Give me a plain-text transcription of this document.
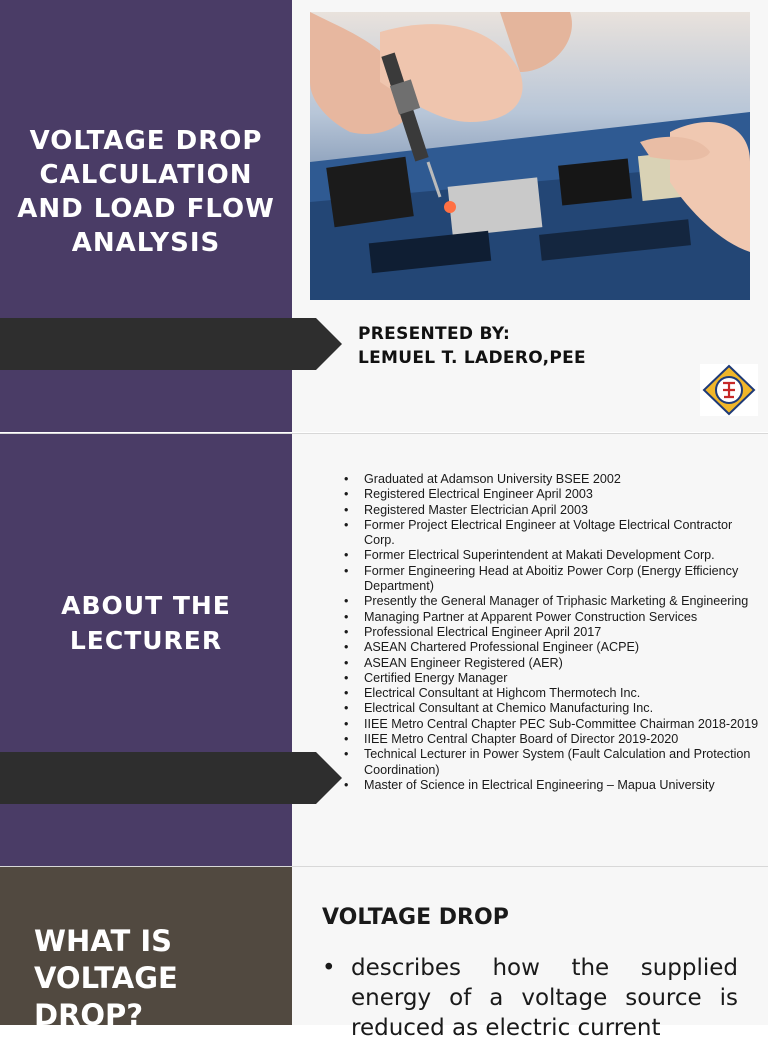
VOLTAGE DROP
CALCULATION
AND LOAD FLOW
ANALYSIS
PRESENTED BY:
LEMUEL T. LADERO,PEE
ABOUT THE
LECTURER
• Graduated at Adamson University BSEE 2002
• Registered Electrical Engineer April 2003
• Registered Master Electrician April 2003
• Former Project Electrical Engineer at Voltage Electrical Contractor Corp.
• Former Electrical Superintendent at Makati Development Corp.
• Former Engineering Head at Aboitiz Power Corp (Energy Efficiency Department)
• Presently the General Manager of Triphasic Marketing & Engineering
• Managing Partner at Apparent Power Construction Services
• Professional Electrical Engineer April 2017
• ASEAN Chartered Professional Engineer (ACPE)
• ASEAN Engineer Registered (AER)
• Certified Energy Manager
• Electrical Consultant at Highcom Thermotech Inc.
• Electrical Consultant at Chemico Manufacturing Inc.
• IIEE Metro Central Chapter PEC Sub-Committee Chairman 2018-2019
• IIEE Metro Central Chapter Board of Director 2019-2020
• Technical Lecturer in Power System (Fault Calculation and Protection Coordination)
• Master of Science in Electrical Engineering – Mapua University
WHAT IS
VOLTAGE
DROP?
VOLTAGE DROP
• describes how the supplied energy of a voltage source is reduced as electric current
